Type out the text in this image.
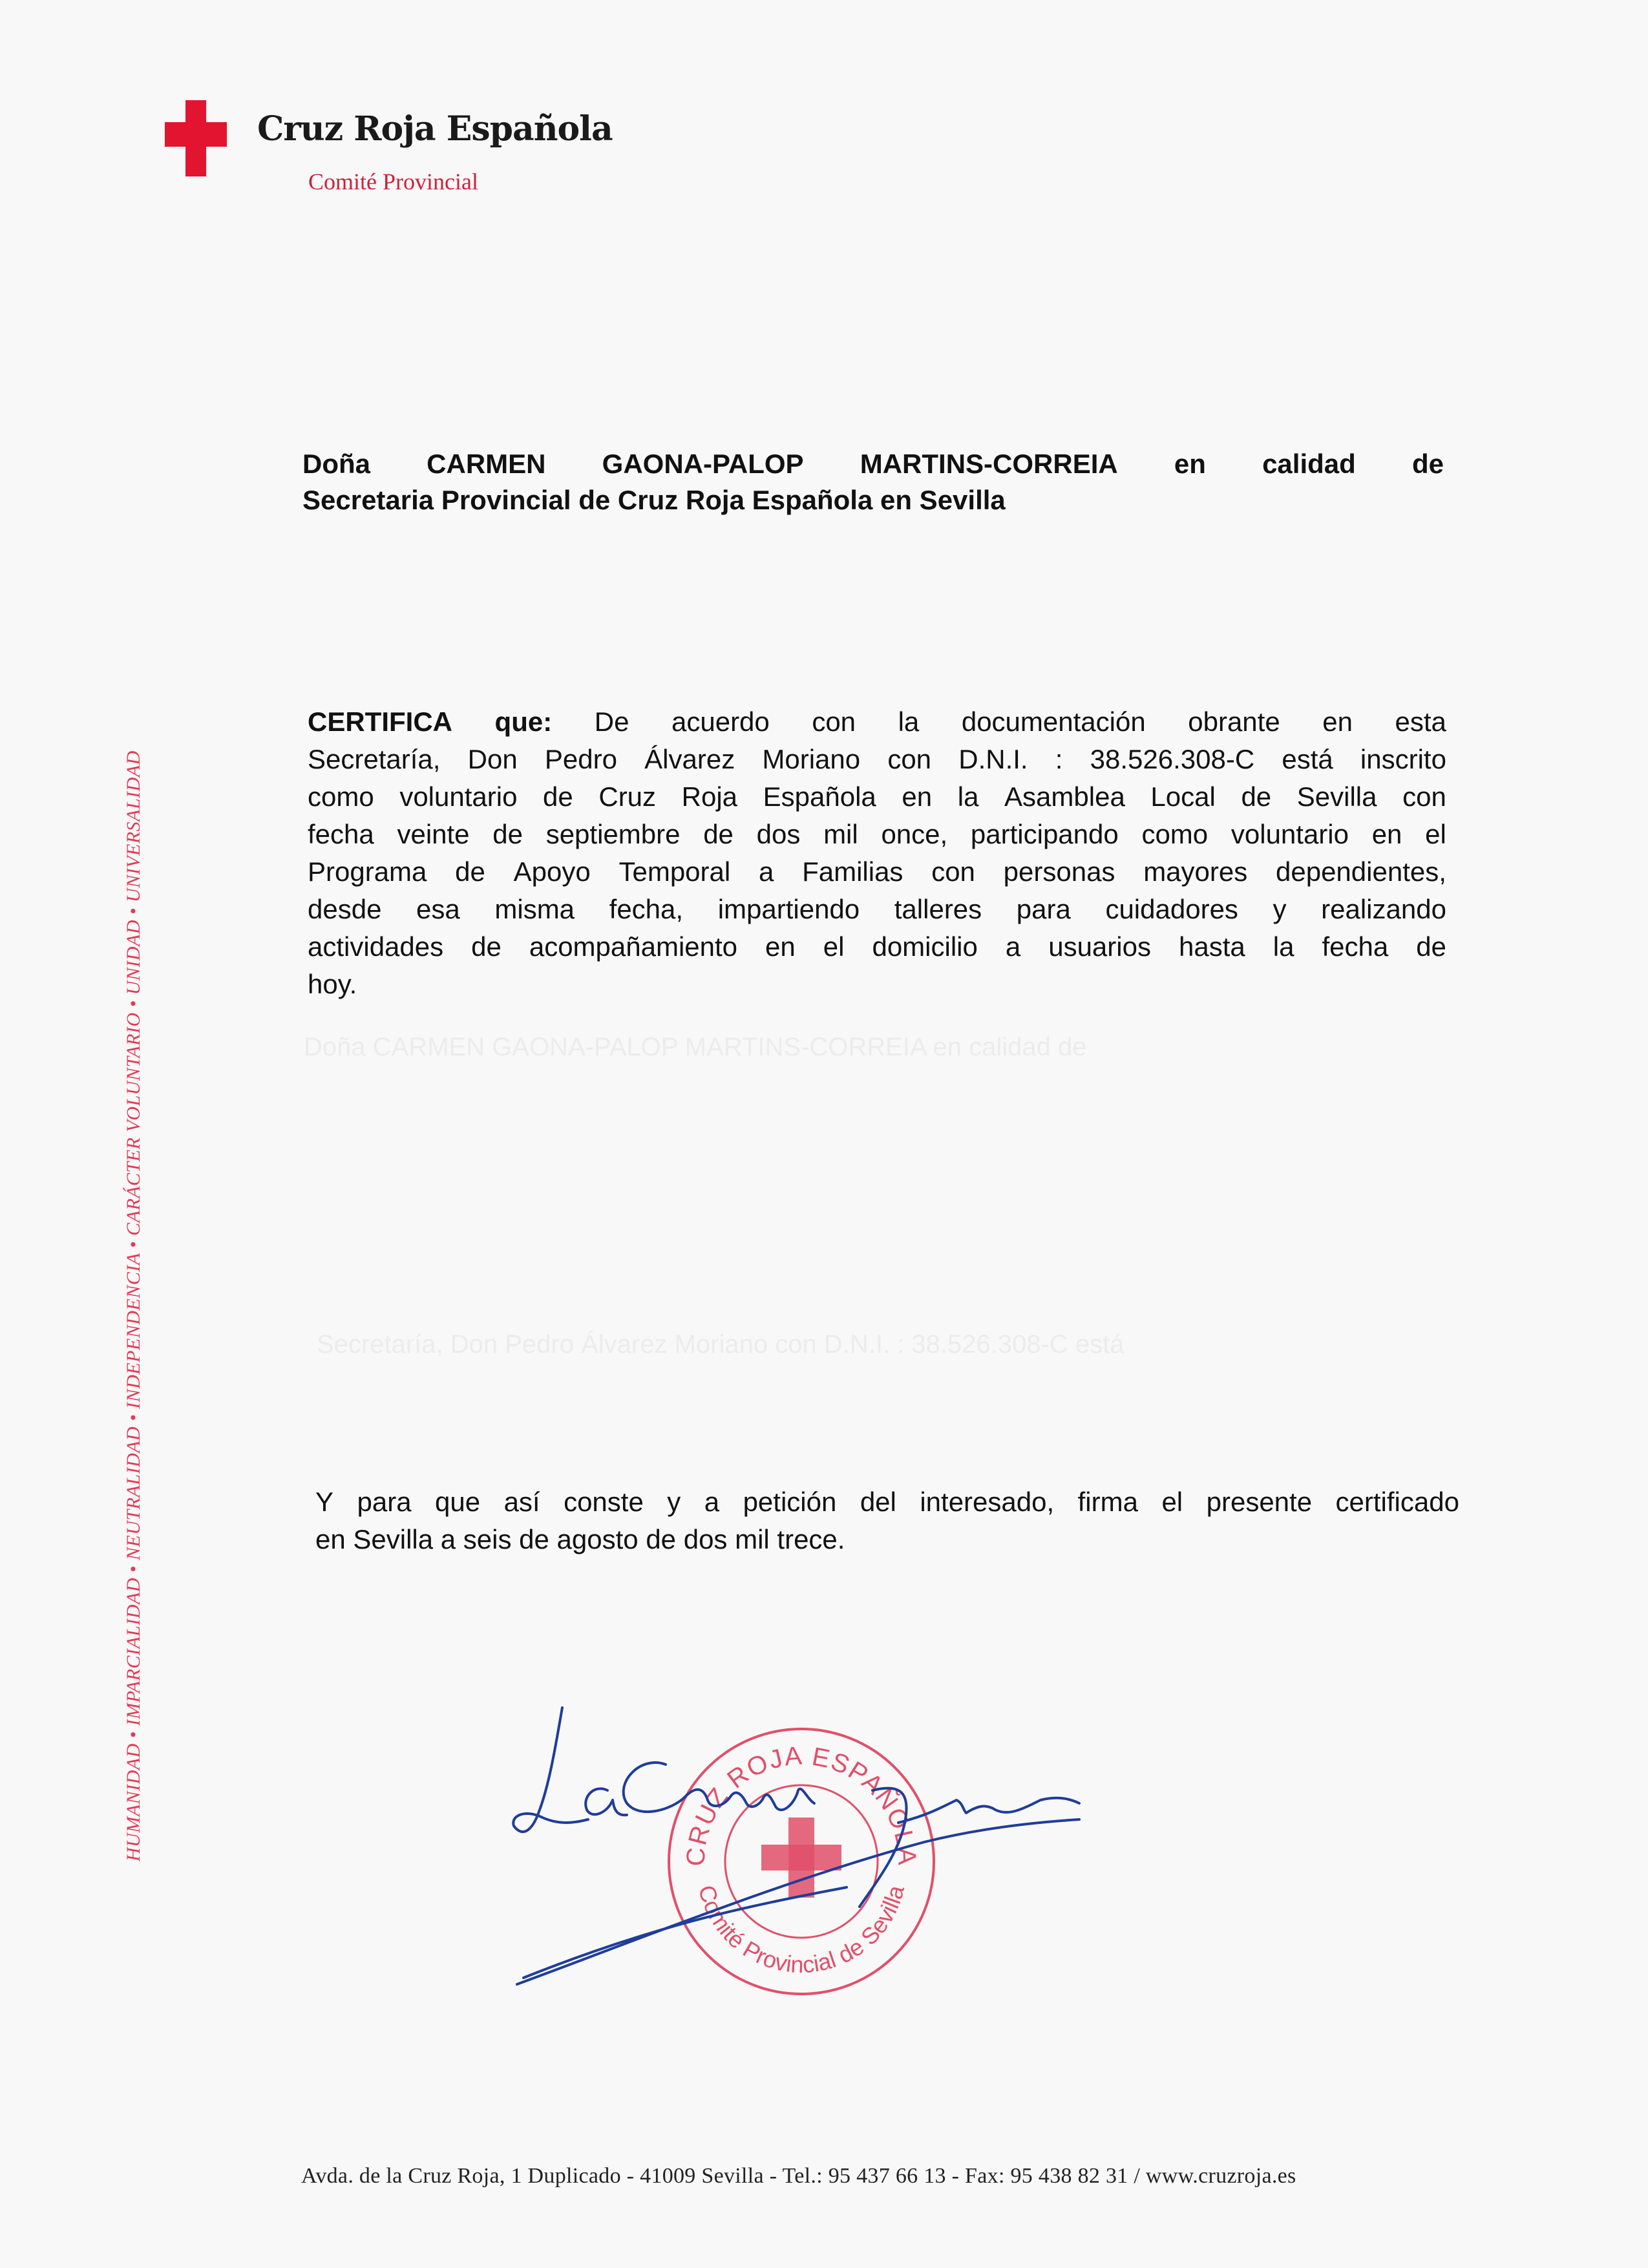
Cruz Roja Española
Comité Provincial
HUMANIDAD • IMPARCIALIDAD • NEUTRALIDAD • INDEPENDENCIA • CARÁCTER VOLUNTARIO • UNIDAD • UNIVERSALIDAD
Doña CARMEN GAONA-PALOP MARTINS-CORREIA en calidad de
Secretaria Provincial de Cruz Roja Española en Sevilla
CERTIFICA que: De acuerdo con la documentación obrante en esta
Secretaría, Don Pedro Álvarez Moriano con D.N.I. : 38.526.308-C está inscrito
como voluntario de Cruz Roja Española en la Asamblea Local de Sevilla con
fecha veinte de septiembre de dos mil once, participando como voluntario en el
Programa de Apoyo Temporal a Familias con personas mayores dependientes,
desde esa misma fecha, impartiendo talleres para cuidadores y realizando
actividades de acompañamiento en el domicilio a usuarios hasta la fecha de
hoy.
Doña CARMEN GAONA-PALOP MARTINS-CORREIA en calidad de
Secretaría, Don Pedro Álvarez Moriano con D.N.I. : 38.526.308-C está
Y para que así conste y a petición del interesado, firma el presente certificado
en Sevilla a seis de agosto de dos mil trece.
CRUZ ROJA ESPAÑOLA
Comité Provincial de Sevilla
Avda. de la Cruz Roja, 1 Duplicado - 41009 Sevilla - Tel.: 95 437 66 13 - Fax: 95 438 82 31 / www.cruzroja.es
